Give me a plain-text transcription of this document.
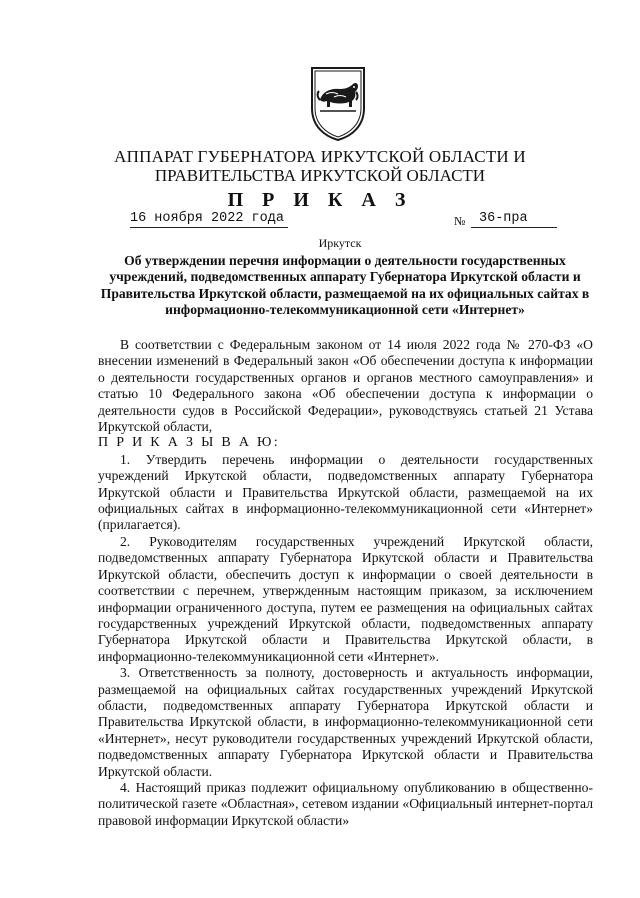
АППАРАТ ГУБЕРНАТОРА ИРКУТСКОЙ ОБЛАСТИ И
ПРАВИТЕЛЬСТВА ИРКУТСКОЙ ОБЛАСТИ
П Р И К А З
16 ноября 2022 года	№	36-пра
Иркутск
Об утверждении перечня информации о деятельности государственных учреждений, подведомственных аппарату Губернатора Иркутской области и Правительства Иркутской области, размещаемой на их официальных сайтах в информационно-телекоммуникационной сети «Интернет»

В соответствии с Федеральным законом от 14 июля 2022 года № 270-ФЗ «О внесении изменений в Федеральный закон «Об обеспечении доступа к информации о деятельности государственных органов и органов местного самоуправления» и статью 10 Федерального закона «Об обеспечении доступа к информации о деятельности судов в Российской Федерации», руководствуясь статьей 21 Устава Иркутской области,

П Р И К А З Ы В А Ю:

1. Утвердить перечень информации о деятельности государственных учреждений Иркутской области, подведомственных аппарату Губернатора Иркутской области и Правительства Иркутской области, размещаемой на их официальных сайтах в информационно-телекоммуникационной сети «Интернет» (прилагается).

2. Руководителям государственных учреждений Иркутской области, подведомственных аппарату Губернатора Иркутской области и Правительства Иркутской области, обеспечить доступ к информации о своей деятельности в соответствии с перечнем, утвержденным настоящим приказом, за исключением информации ограниченного доступа, путем ее размещения на официальных сайтах государственных учреждений Иркутской области, подведомственных аппарату Губернатора Иркутской области и Правительства Иркутской области, в информационно-телекоммуникационной сети «Интернет».

3. Ответственность за полноту, достоверность и актуальность информации, размещаемой на официальных сайтах государственных учреждений Иркутской области, подведомственных аппарату Губернатора Иркутской области и Правительства Иркутской области, в информационно-телекоммуникационной сети «Интернет», несут руководители государственных учреждений Иркутской области, подведомственных аппарату Губернатора Иркутской области и Правительства Иркутской области.

4. Настоящий приказ подлежит официальному опубликованию в общественно-политической газете «Областная», сетевом издании «Официальный интернет-портал правовой информации Иркутской области»
